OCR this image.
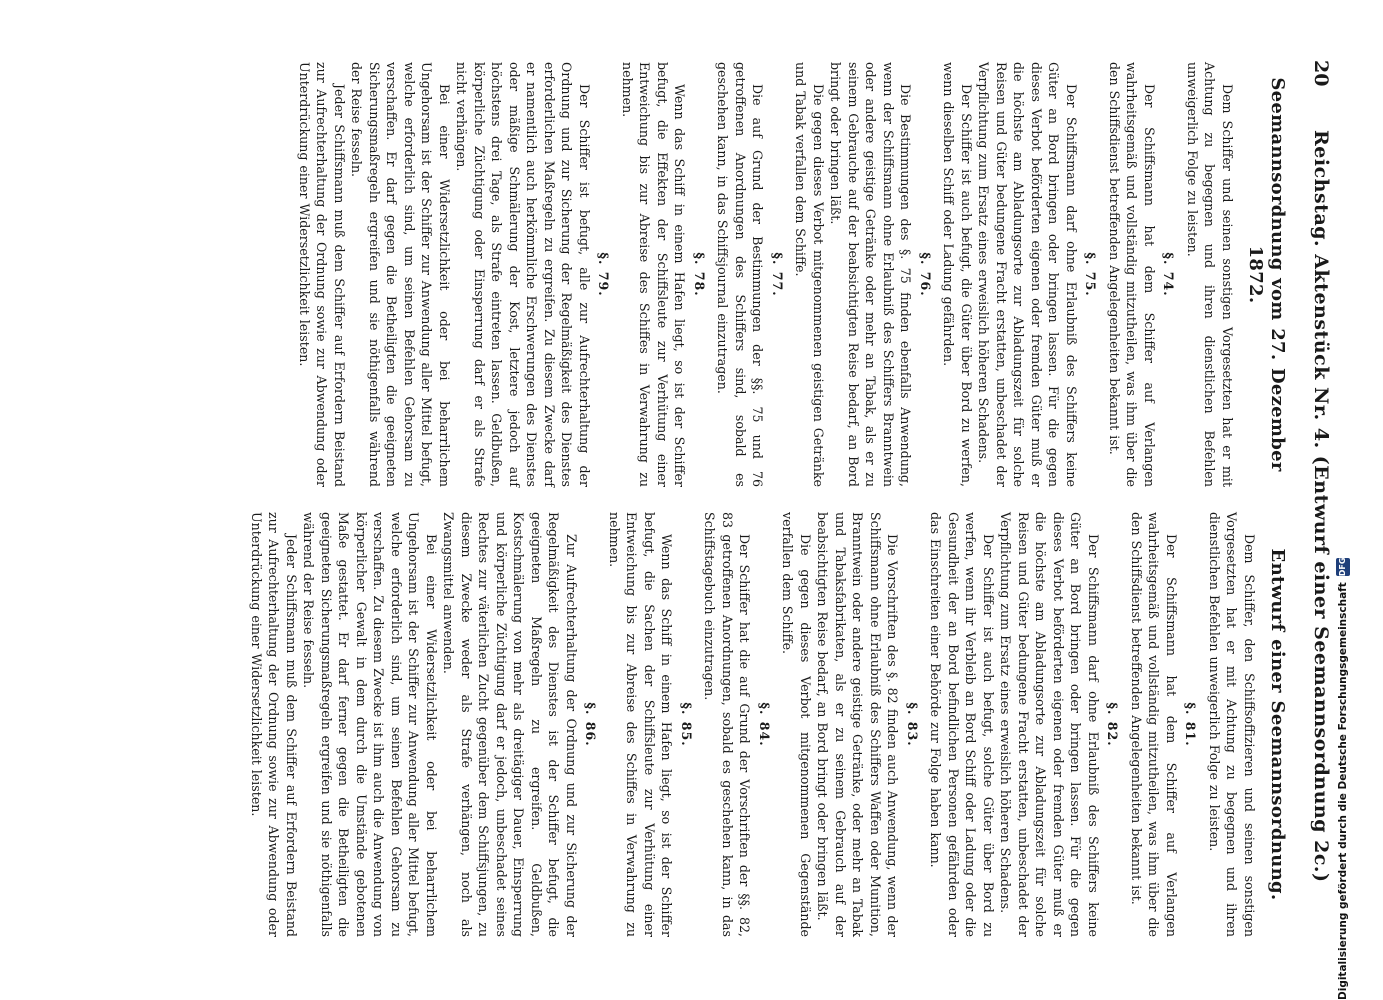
20
Reichstag. Aktenstück Nr. 4. (Entwurf einer Seemannsordnung 2c.)
Seemannsordnung vom 27. Dezember 1872.

Dem Schiffer und seinen sonstigen Vorgesetzten hat er mit Achtung zu begegnen und ihren dienstlichen Befehlen unweigerlich Folge zu leisten.

§. 74.

Der Schiffsmann hat dem Schiffer auf Verlangen wahrheitsgemäß und vollständig mitzutheilen, was ihm über die den Schiffsdienst betreffenden Angelegenheiten bekannt ist.

§. 75.

Der Schiffsmann darf ohne Erlaubniß des Schiffers keine Güter an Bord bringen oder bringen lassen. Für die gegen dieses Verbot beförderten eigenen oder fremden Güter muß er die höchste am Abladungsorte zur Abladungszeit für solche Reisen und Güter bedungene Fracht erstatten, unbeschadet der Verpflichtung zum Ersatz eines erweislich höheren Schadens.

Der Schiffer ist auch befugt, die Güter über Bord zu werfen, wenn dieselben Schiff oder Ladung gefährden.

§. 76.

Die Bestimmungen des §. 75 finden ebenfalls Anwendung, wenn der Schiffsmann ohne Erlaubniß des Schiffers Branntwein oder andere geistige Getränke oder mehr an Tabak, als er zu seinem Gebrauche auf der beabsichtigten Reise bedarf, an Bord bringt oder bringen läßt.

Die gegen dieses Verbot mitgenommenen geistigen Getränke und Tabak verfallen dem Schiffe.

§. 77.

Die auf Grund der Bestimmungen der §§. 75 und 76 getroffenen Anordnungen des Schiffers sind, sobald es geschehen kann, in das Schiffsjournal einzutragen.

§. 78.

Wenn das Schiff in einem Hafen liegt, so ist der Schiffer befugt, die Effekten der Schiffsleute zur Verhütung einer Entweichung bis zur Abreise des Schiffes in Verwahrung zu nehmen.

§. 79.

Der Schiffer ist befugt, alle zur Aufrechterhaltung der Ordnung und zur Sicherung der Regelmäßigkeit des Dienstes erforderlichen Maßregeln zu ergreifen. Zu diesem Zwecke darf er namentlich auch herkömmliche Erschwerungen des Dienstes oder mäßige Schmälerung der Kost, letztere jedoch auf höchstens drei Tage, als Strafe eintreten lassen. Geldbußen, körperliche Züchtigung oder Einsperrung darf er als Strafe nicht verhängen.

Bei einer Widersetzlichkeit oder bei beharrlichem Ungehorsam ist der Schiffer zur Anwendung aller Mittel befugt, welche erforderlich sind, um seinen Befehlen Gehorsam zu verschaffen. Er darf gegen die Betheiligten die geeigneten Sicherungsmaßregeln ergreifen und sie nöthigenfalls während der Reise fesseln.

Jeder Schiffsmann muß dem Schiffer auf Erfordern Beistand zur Aufrechterhaltung der Ordnung sowie zur Abwendung oder Unterdrückung einer Widersetzlichkeit leisten.

Entwurf einer Seemannsordnung.

Dem Schiffer, den Schiffsoffizieren und seinen sonstigen Vorgesetzten hat er mit Achtung zu begegnen und ihren dienstlichen Befehlen unweigerlich Folge zu leisten.

§. 81.

Der Schiffsmann hat dem Schiffer auf Verlangen wahrheitsgemäß und vollständig mitzutheilen, was ihm über die den Schiffsdienst betreffenden Angelegenheiten bekannt ist.

§. 82.

Der Schiffsmann darf ohne Erlaubniß des Schiffers keine Güter an Bord bringen oder bringen lassen. Für die gegen dieses Verbot beförderten eigenen oder fremden Güter muß er die höchste am Abladungsorte zur Abladungszeit für solche Reisen und Güter bedungene Fracht erstatten, unbeschadet der Verpflichtung zum Ersatz eines erweislich höheren Schadens.

Der Schiffer ist auch befugt, solche Güter über Bord zu werfen, wenn ihr Verbleib an Bord Schiff oder Ladung oder die Gesundheit der an Bord befindlichen Personen gefährden oder das Einschreiten einer Behörde zur Folge haben kann.

§. 83.

Die Vorschriften des §. 82 finden auch Anwendung, wenn der Schiffsmann ohne Erlaubniß des Schiffers Waffen oder Munition, Branntwein oder andere geistige Getränke, oder mehr an Tabak und Tabaksfabrikaten, als er zu seinem Gebrauch auf der beabsichtigten Reise bedarf, an Bord bringt oder bringen läßt.

Die gegen dieses Verbot mitgenommenen Gegenstände verfallen dem Schiffe.

§. 84.

Der Schiffer hat die auf Grund der Vorschriften der §§. 82, 83 getroffenen Anordnungen, sobald es geschehen kann, in das Schiffstagebuch einzutragen.

§. 85.

Wenn das Schiff in einem Hafen liegt, so ist der Schiffer befugt, die Sachen der Schiffsleute zur Verhütung einer Entweichung bis zur Abreise des Schiffes in Verwahrung zu nehmen.

§. 86.

Zur Aufrechterhaltung der Ordnung und zur Sicherung der Regelmäßigkeit des Dienstes ist der Schiffer befugt, die geeigneten Maßregeln zu ergreifen. Geldbußen, Kostschmälerung von mehr als dreitägiger Dauer, Einsperrung und körperliche Züchtigung darf er jedoch, unbeschadet seines Rechtes zur väterlichen Zucht gegenüber dem Schiffsjungen, zu diesem Zwecke weder als Strafe verhängen, noch als Zwangsmittel anwenden.

Bei einer Widersetzlichkeit oder bei beharrlichem Ungehorsam ist der Schiffer zur Anwendung aller Mittel befugt, welche erforderlich sind, um seinen Befehlen Gehorsam zu verschaffen. Zu diesem Zwecke ist ihm auch die Anwendung von körperlicher Gewalt in dem durch die Umstände gebotenen Maße gestattet. Er darf ferner gegen die Betheiligten die geeigneten Sicherungsmaßregeln ergreifen und sie nöthigenfalls während der Reise fesseln.

Jeder Schiffsmann muß dem Schiffer auf Erfordern Beistand zur Aufrechterhaltung der Ordnung sowie zur Abwendung oder Unterdrückung einer Widersetzlichkeit leisten.	Digitalisierung gefördert durch die Deutsche Forschungsgemeinschaft
DFG
